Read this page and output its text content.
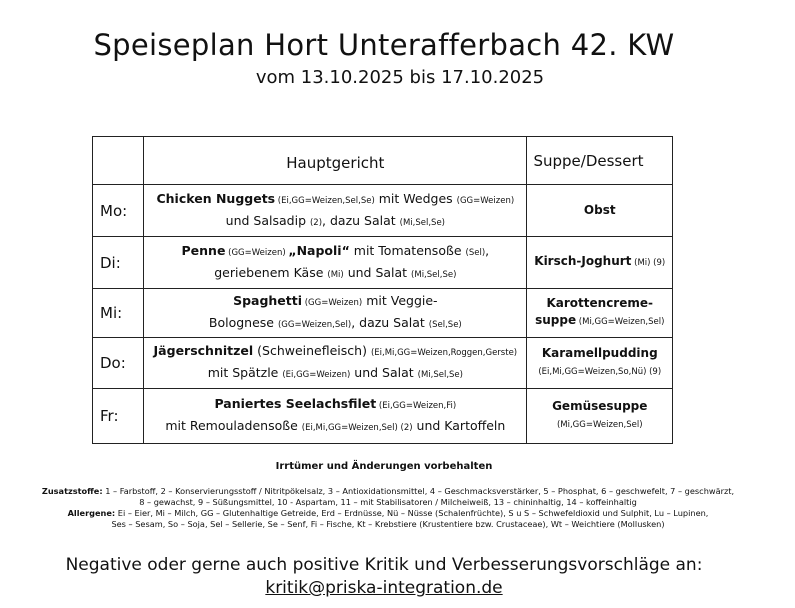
Speiseplan Hort Unterafferbach 42. KW
vom 13.10.2025 bis 17.10.2025
	Hauptgericht	Suppe/Dessert
Mo:	Chicken Nuggets (Ei,GG=Weizen,Sel,Se) mit Wedges (GG=Weizen)
und Salsadip (2), dazu Salat (Mi,Sel,Se)	Obst
Di:	Penne (GG=Weizen) „Napoli“ mit Tomatensoße (Sel),
geriebenem Käse (Mi) und Salat (Mi,Sel,Se)	Kirsch-Joghurt (Mi) (9)
Mi:	Spaghetti (GG=Weizen) mit Veggie-
Bolognese (GG=Weizen,Sel), dazu Salat (Sel,Se)	Karottencreme-
suppe (Mi,GG=Weizen,Sel)
Do:	Jägerschnitzel (Schweinefleisch) (Ei,Mi,GG=Weizen,Roggen,Gerste)
mit Spätzle (Ei,GG=Weizen) und Salat (Mi,Sel,Se)	Karamellpudding
(Ei,Mi,GG=Weizen,So,Nü) (9)
Fr:	Paniertes Seelachsfilet (Ei,GG=Weizen,Fi)
mit Remouladensoße (Ei,Mi,GG=Weizen,Sel) (2) und Kartoffeln	Gemüsesuppe
(Mi,GG=Weizen,Sel)
Irrtümer und Änderungen vorbehalten
Zusatzstoffe: 1 – Farbstoff, 2 – Konservierungsstoff / Nitritpökelsalz, 3 – Antioxidationsmittel, 4 – Geschmacksverstärker, 5 – Phosphat, 6 – geschwefelt, 7 – geschwärzt,
8 – gewachst, 9 – Süßungsmittel, 10 - Aspartam, 11 – mit Stabilisatoren / Milcheiweiß, 13 – chininhaltig, 14 – koffeinhaltig
Allergene: Ei – Eier, Mi – Milch, GG – Glutenhaltige Getreide, Erd – Erdnüsse, Nü – Nüsse (Schalenfrüchte), S u S – Schwefeldioxid und Sulphit, Lu – Lupinen,
Ses – Sesam, So – Soja, Sel – Sellerie, Se – Senf, Fi – Fische, Kt – Krebstiere (Krustentiere bzw. Crustaceae), Wt – Weichtiere (Mollusken)
Negative oder gerne auch positive Kritik und Verbesserungsvorschläge an:
kritik@priska-integration.de
